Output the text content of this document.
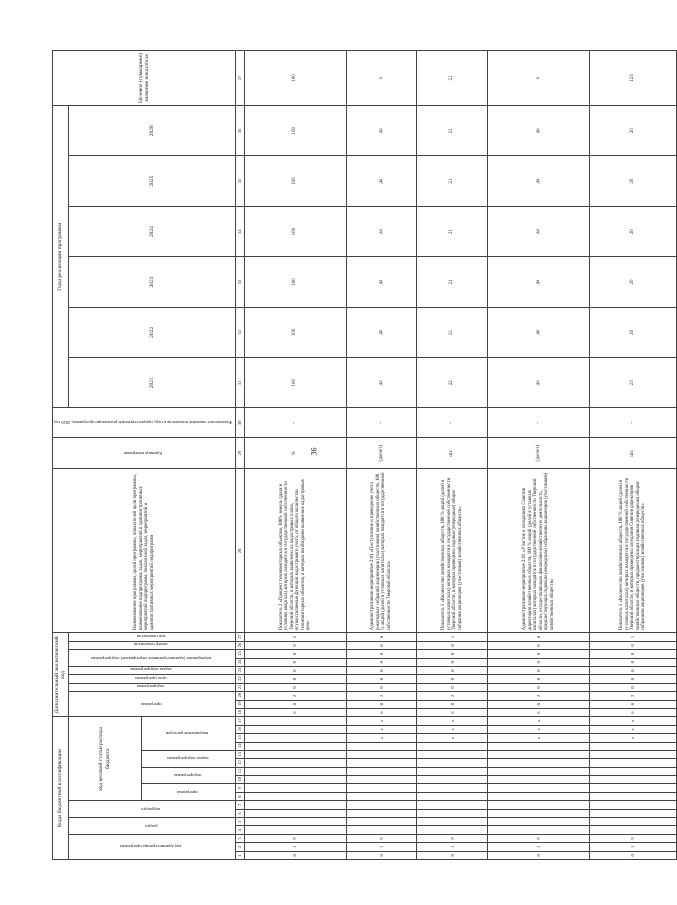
36
Коды бюджетной классификации																	Дополнительный аналитический код										Наименование программы, целей программы, показателей цели программы, наименование подпрограмм, задач, мероприятий и административных мероприятий подпрограмм, показателей задач, мероприятий и административных мероприятий подпрограмм	Единица измерения	Фактическое значение показателя в году, предшествующем реализации программы, 2020 год	Годы реализации программы						Целевое (суммарное) значение показателя
код администратора программы			раздел		подраздел		код целевой статьи расхода бюджета										программа			подпрограмма	цель программы	задача подпрограммы	мероприятие (административное мероприятие) подпрограммы		номер показателя	тип показателя				2021	2022	2023	2024	2025	2026	
							программа		подпрограмма		задача подпрограммы		направление расходов																							
1	2	3	4	5	6	7	8	9	10	11	12	13	14	15	16	17	18	19	20	21	22	23	24	25	26	27	28	29	30	31	32	33	34	35	36	37
0	1	9															6	8	2	0	0	0	0	0	0	2	Показатель 2 «Процент техинвентарных объектов, 100% земель (доля в условиях квартала) которых находятся в государственной собственности Тверской области, в которых выявлены на кадастровых плана, осуществляемые функции кадастрового учета, от общего количества техинвентарных объектов, в которых необходимо выявление кадастровых цен»	%	-	100	100	100	100	100	100	100
0	1	9												x	x	x	6	8	2	0	0	0	0	0	0	8	Административное мероприятие 2.01 «Поступление и проведение учета (ежегодных собраний акционеров (участников) хозяйственных обществ, 100 % акций (долей в уставных капиталах) которых находятся в государственной собственности Тверской области»	(да/нет)	-	да	да	да	да	да	да	x
0	1	9												x	x	x	6	8	2	0	0	0	0	0	0	1	Показатель 1 «Количество хозяйственных обществ, 100 % акций (долей в уставных капиталах) которых находятся в государственной собственности Тверской области, в которых проведены годовые (очередные) общие собрания акционеров (участников) хозяйственных обществ»	шт.	-	22	21	21	21	21	21	21
0	1	9												x	x	x	6	8	2	0	0	0	0	0	0	8	Административное мероприятие 2.02 «Участие в заседаниях Советов директоров хозяйственных обществ, 100 % акций (долей в уставных капиталах) которых находятся в государственной собственности Тверской области, осуществляющих финансово-хозяйственную деятельность, предшествующих годовым (очередным) собраниям акционеров (участников) хозяйственных обществ»	(да/нет)	-	да	да	да	да	да	да	x
0	1	9												x	x	x	6	8	2	0	0	0	0	0	0	1	Показатель 1 «Количество хозяйственных обществ, 100 % акций (долей в уставных капиталах) которых находятся в государственной собственности Тверской области, в которых проведены заседания Советов директоров хозяйственных обществ, предшествующих годовым (очередным) общим собраниям акционеров (участников) хозяйственных обществ»	шт.	-	23	20	20	20	20	20	123
